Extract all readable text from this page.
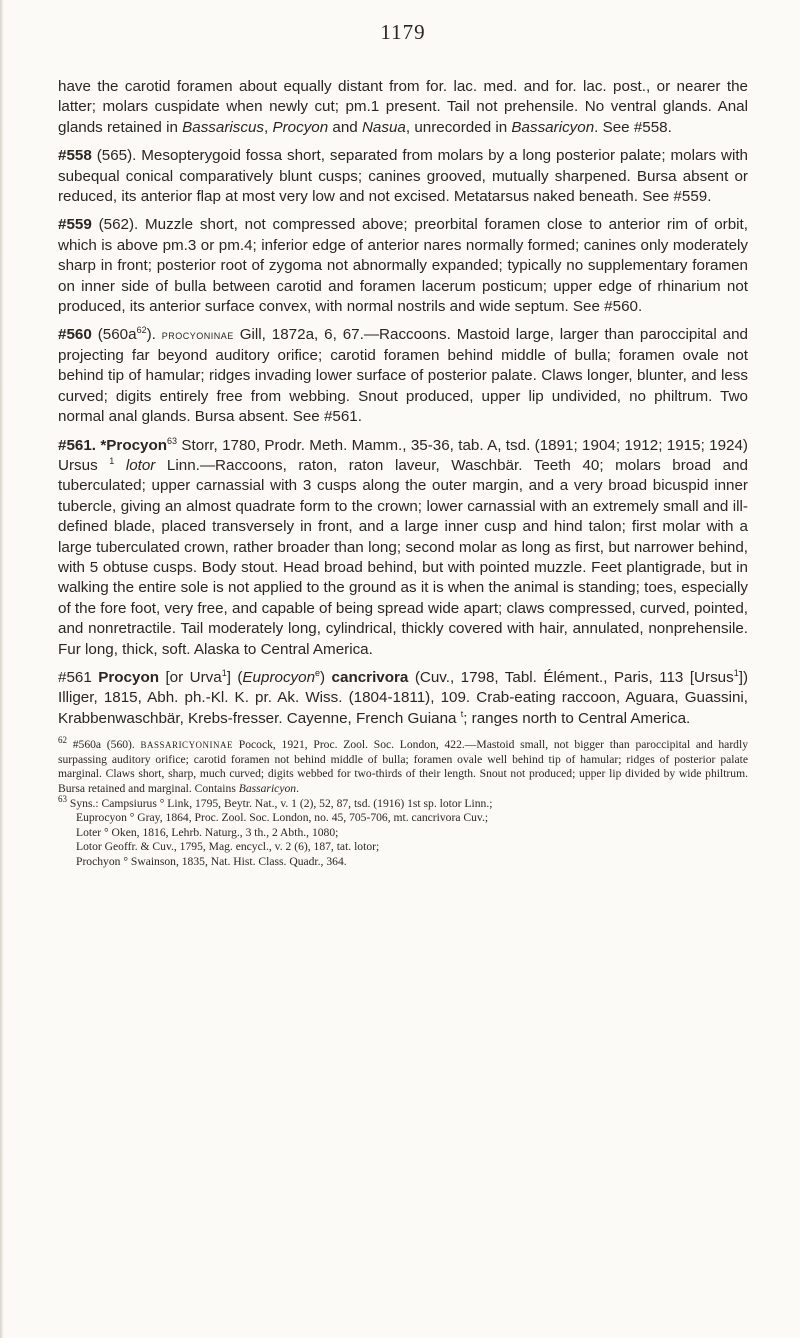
1179

have the carotid foramen about equally distant from for. lac. med. and for. lac. post., or nearer the latter; molars cuspidate when newly cut; pm.1 present. Tail not prehensile. No ventral glands. Anal glands retained in Bassariscus, Procyon and Nasua, unrecorded in Bassaricyon. See #558.

#558 (565). Mesopterygoid fossa short, separated from molars by a long posterior palate; molars with subequal conical comparatively blunt cusps; canines grooved, mutually sharpened. Bursa absent or reduced, its anterior flap at most very low and not excised. Metatarsus naked beneath. See #559.

#559 (562). Muzzle short, not compressed above; preorbital foramen close to anterior rim of orbit, which is above pm.3 or pm.4; inferior edge of anterior nares normally formed; canines only moderately sharp in front; posterior root of zygoma not abnormally expanded; typically no supplementary foramen on inner side of bulla between carotid and foramen lacerum posticum; upper edge of rhinarium not produced, its anterior surface convex, with normal nostrils and wide septum. See #560.

#560 (560a$^{62}$). procyoninae Gill, 1872a, 6, 67.—Raccoons. Mastoid large, larger than paroccipital and projecting far beyond auditory orifice; carotid foramen behind middle of bulla; foramen ovale not behind tip of hamular; ridges invading lower surface of posterior palate. Claws longer, blunter, and less curved; digits entirely free from webbing. Snout produced, upper lip undivided, no philtrum. Two normal anal glands. Bursa absent. See #561.

#561. *Procyon$^{63}$ Storr, 1780, Prodr. Meth. Mamm., 35-36, tab. A, tsd. (1891; 1904; 1912; 1915; 1924) Ursus $^1$ lotor Linn.—Raccoons, raton, raton laveur, Waschbär. Teeth 40; molars broad and tuberculated; upper carnassial with 3 cusps along the outer margin, and a very broad bicuspid inner tubercle, giving an almost quadrate form to the crown; lower carnassial with an extremely small and ill-defined blade, placed transversely in front, and a large inner cusp and hind talon; first molar with a large tuberculated crown, rather broader than long; second molar as long as first, but narrower behind, with 5 obtuse cusps. Body stout. Head broad behind, but with pointed muzzle. Feet plantigrade, but in walking the entire sole is not applied to the ground as it is when the animal is standing; toes, especially of the fore foot, very free, and capable of being spread wide apart; claws compressed, curved, pointed, and nonretractile. Tail moderately long, cylindrical, thickly covered with hair, annulated, nonprehensile. Fur long, thick, soft. Alaska to Central America.

#561 Procyon [or Urva$^1$] (Euprocyon$^e$) cancrivora (Cuv., 1798, Tabl. Élément., Paris, 113 [Ursus$^1$]) Illiger, 1815, Abh. ph.-Kl. K. pr. Ak. Wiss. (1804-1811), 109. Crab-eating raccoon, Aguara, Guassini, Krabbenwaschbär, Krebs-fresser. Cayenne, French Guiana $^t$; ranges north to Central America.

$^{62}$ #560a (560). bassaricyoninae Pocock, 1921, Proc. Zool. Soc. London, 422.—Mastoid small, not bigger than paroccipital and hardly surpassing auditory orifice; carotid foramen not behind middle of bulla; foramen ovale well behind tip of hamular; ridges of posterior palate marginal. Claws short, sharp, much curved; digits webbed for two-thirds of their length. Snout not produced; upper lip divided by wide philtrum. Bursa retained and marginal. Contains Bassaricyon.

$^{63}$ Syns.: Campsiurus ° Link, 1795, Beytr. Nat., v. 1 (2), 52, 87, tsd. (1916) 1st sp. lotor Linn.;

Euprocyon ° Gray, 1864, Proc. Zool. Soc. London, no. 45, 705-706, mt. cancrivora Cuv.;

Loter ° Oken, 1816, Lehrb. Naturg., 3 th., 2 Abth., 1080;

Lotor Geoffr. & Cuv., 1795, Mag. encycl., v. 2 (6), 187, tat. lotor;

Prochyon ° Swainson, 1835, Nat. Hist. Class. Quadr., 364.
